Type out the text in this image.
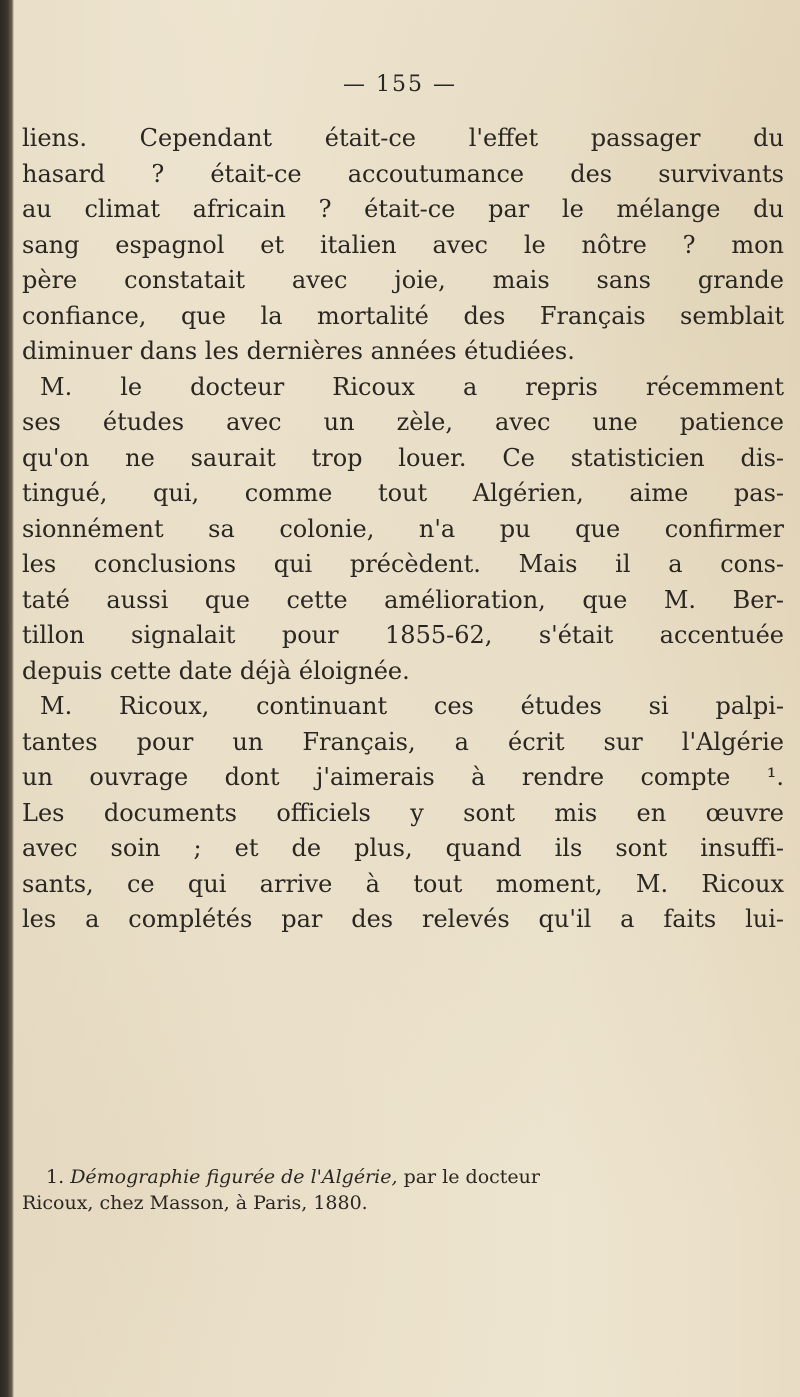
— 155 —
liens. Cependant était-ce l'effet passager du
hasard ? était-ce accoutumance des survivants
au climat africain ? était-ce par le mélange du
sang espagnol et italien avec le nôtre ? mon
père constatait avec joie, mais sans grande
confiance, que la mortalité des Français semblait
diminuer dans les dernières années étudiées.
M. le docteur Ricoux a repris récemment
ses études avec un zèle, avec une patience
qu'on ne saurait trop louer. Ce statisticien dis-
tingué, qui, comme tout Algérien, aime pas-
sionnément sa colonie, n'a pu que confirmer
les conclusions qui précèdent. Mais il a cons-
taté aussi que cette amélioration, que M. Ber-
tillon signalait pour 1855-62, s'était accentuée
depuis cette date déjà éloignée.
M. Ricoux, continuant ces études si palpi-
tantes pour un Français, a écrit sur l'Algérie
un ouvrage dont j'aimerais à rendre compte ¹.
Les documents officiels y sont mis en œuvre
avec soin ; et de plus, quand ils sont insuffi-
sants, ce qui arrive à tout moment, M. Ricoux
les a complétés par des relevés qu'il a faits lui-
1. Démographie figurée de l'Algérie, par le docteur
Ricoux, chez Masson, à Paris, 1880.
